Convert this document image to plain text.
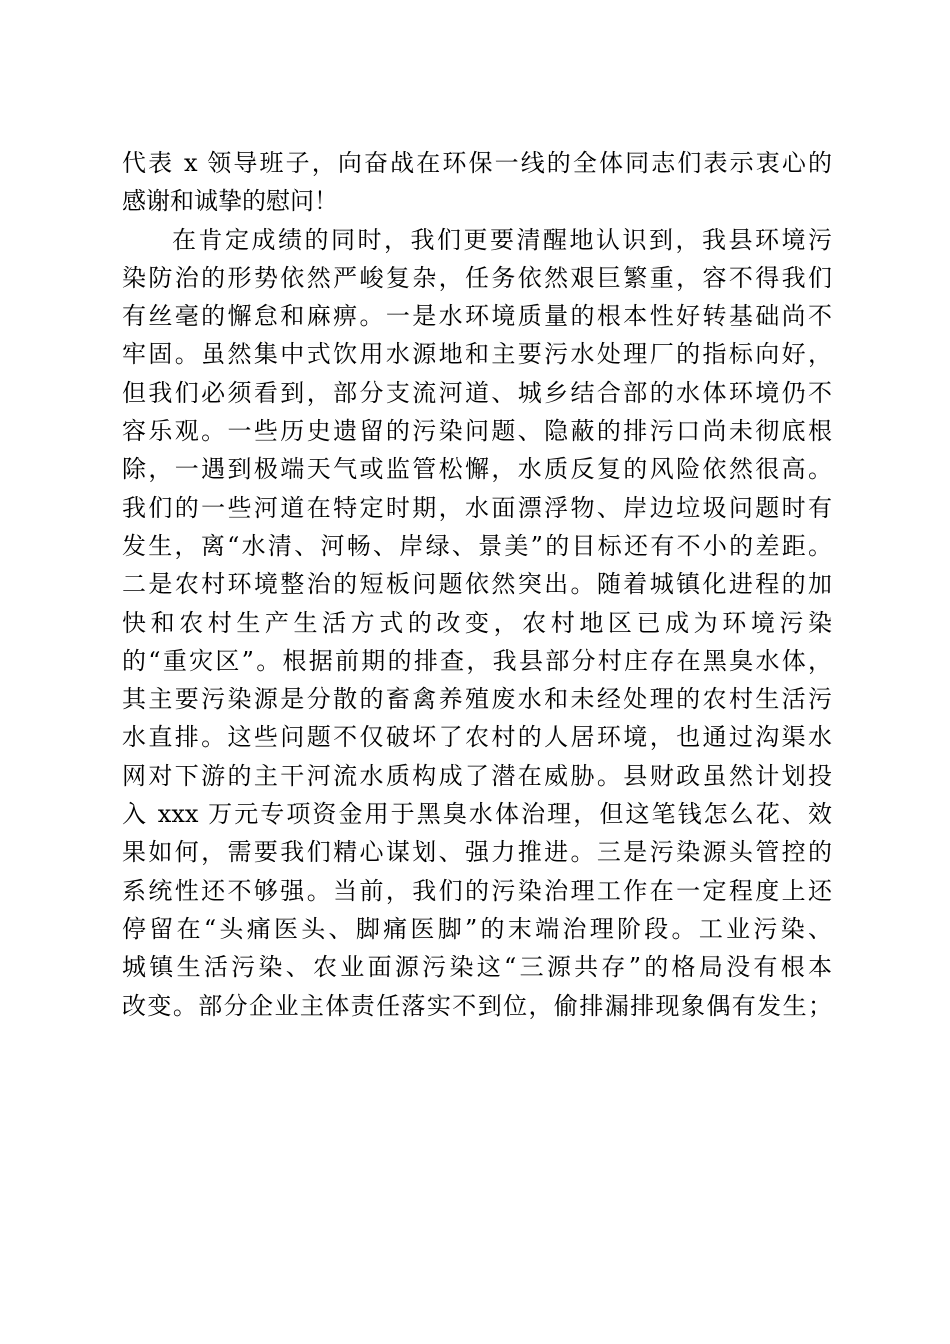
代表 x 领导班子，向奋战在环保一线的全体同志们表示衷心的
感谢和诚挚的慰问！
在肯定成绩的同时，我们更要清醒地认识到，我县环境污
染防治的形势依然严峻复杂，任务依然艰巨繁重，容不得我们
有丝毫的懈怠和麻痹。一是水环境质量的根本性好转基础尚不
牢固。虽然集中式饮用水源地和主要污水处理厂的指标向好，
但我们必须看到，部分支流河道、城乡结合部的水体环境仍不
容乐观。一些历史遗留的污染问题、隐蔽的排污口尚未彻底根
除，一遇到极端天气或监管松懈，水质反复的风险依然很高。
我们的一些河道在特定时期，水面漂浮物、岸边垃圾问题时有
发生，离“水清、河畅、岸绿、景美”的目标还有不小的差距。
二是农村环境整治的短板问题依然突出。随着城镇化进程的加
快和农村生产生活方式的改变，农村地区已成为环境污染
的“重灾区”。根据前期的排查，我县部分村庄存在黑臭水体，
其主要污染源是分散的畜禽养殖废水和未经处理的农村生活污
水直排。这些问题不仅破坏了农村的人居环境，也通过沟渠水
网对下游的主干河流水质构成了潜在威胁。县财政虽然计划投
入 xxx 万元专项资金用于黑臭水体治理，但这笔钱怎么花、效
果如何，需要我们精心谋划、强力推进。三是污染源头管控的
系统性还不够强。当前，我们的污染治理工作在一定程度上还
停留在“头痛医头、脚痛医脚”的末端治理阶段。工业污染、
城镇生活污染、农业面源污染这“三源共存”的格局没有根本
改变。部分企业主体责任落实不到位，偷排漏排现象偶有发生；
